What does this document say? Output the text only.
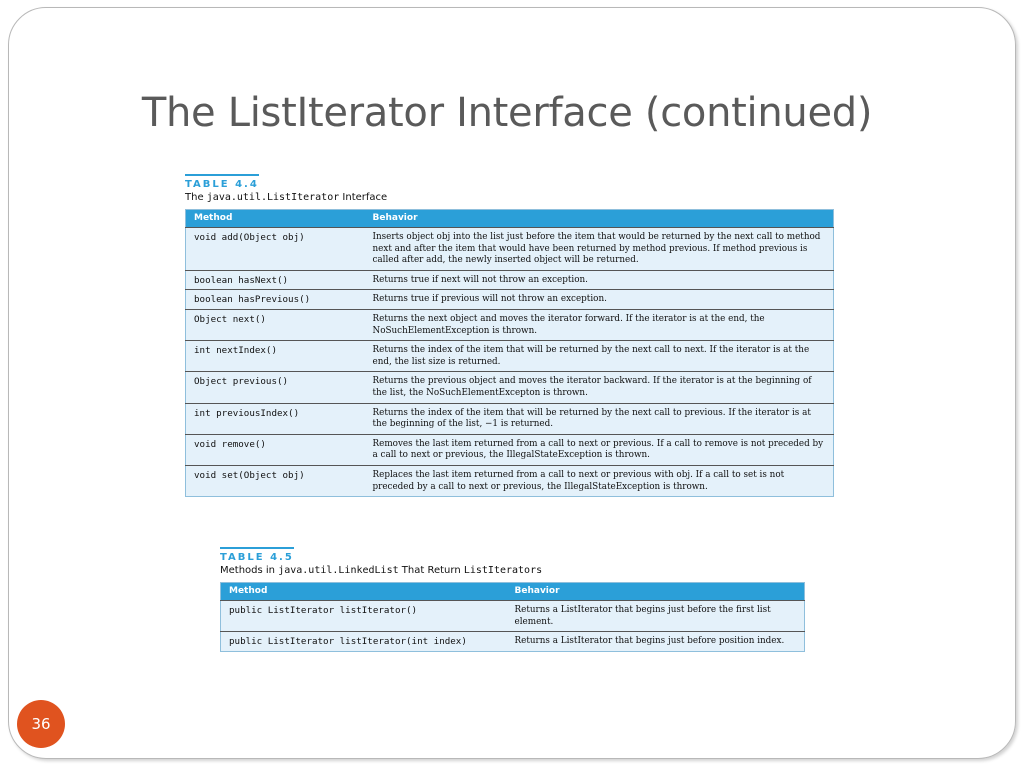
The ListIterator Interface (continued)
TABLE 4.4
The java.util.ListIterator Interface
Method	Behavior
void add(Object obj)	Inserts object obj into the list just before the item that would be returned by the next call to method next and after the item that would have been returned by method previous. If method previous is called after add, the newly inserted object will be returned.
boolean hasNext()	Returns true if next will not throw an exception.
boolean hasPrevious()	Returns true if previous will not throw an exception.
Object next()	Returns the next object and moves the iterator forward. If the iterator is at the end, the NoSuchElementException is thrown.
int nextIndex()	Returns the index of the item that will be returned by the next call to next. If the iterator is at the end, the list size is returned.
Object previous()	Returns the previous object and moves the iterator backward. If the iterator is at the beginning of the list, the NoSuchElementExcepton is thrown.
int previousIndex()	Returns the index of the item that will be returned by the next call to previous. If the iterator is at the beginning of the list, −1 is returned.
void remove()	Removes the last item returned from a call to next or previous. If a call to remove is not preceded by a call to next or previous, the IllegalStateException is thrown.
void set(Object obj)	Replaces the last item returned from a call to next or previous with obj. If a call to set is not preceded by a call to next or previous, the IllegalStateException is thrown.
TABLE 4.5
Methods in java.util.LinkedList That Return ListIterators
Method	Behavior
public ListIterator listIterator()	Returns a ListIterator that begins just before the first list element.
public ListIterator listIterator(int index)	Returns a ListIterator that begins just before position index.
36
